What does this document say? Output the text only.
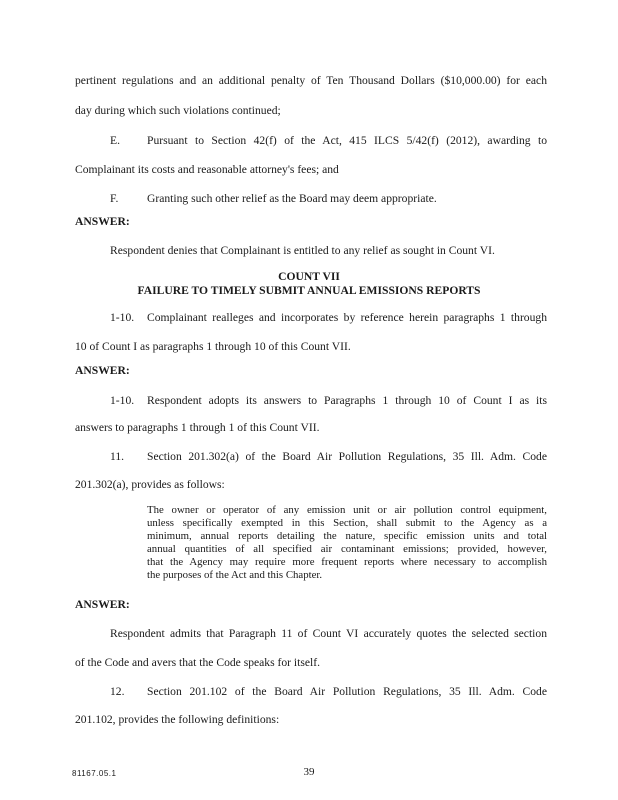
pertinent regulations and an additional penalty of Ten Thousand Dollars ($10,000.00) for each
day during which such violations continued;
E. Pursuant to Section 42(f) of the Act, 415 ILCS 5/42(f) (2012), awarding to
Complainant its costs and reasonable attorney's fees; and
F. Granting such other relief as the Board may deem appropriate.
ANSWER:
Respondent denies that Complainant is entitled to any relief as sought in Count VI.
COUNT VII
FAILURE TO TIMELY SUBMIT ANNUAL EMISSIONS REPORTS
1-10. Complainant realleges and incorporates by reference herein paragraphs 1 through
10 of Count I as paragraphs 1 through 10 of this Count VII.
ANSWER:
1-10. Respondent adopts its answers to Paragraphs 1 through 10 of Count I as its
answers to paragraphs 1 through 1 of this Count VII.
11. Section 201.302(a) of the Board Air Pollution Regulations, 35 Ill. Adm. Code
201.302(a), provides as follows:
The owner or operator of any emission unit or air pollution control equipment,
unless specifically exempted in this Section, shall submit to the Agency as a
minimum, annual reports detailing the nature, specific emission units and total
annual quantities of all specified air contaminant emissions; provided, however,
that the Agency may require more frequent reports where necessary to accomplish
the purposes of the Act and this Chapter.
ANSWER:
Respondent admits that Paragraph 11 of Count VI accurately quotes the selected section
of the Code and avers that the Code speaks for itself.
12. Section 201.102 of the Board Air Pollution Regulations, 35 Ill. Adm. Code
201.102, provides the following definitions:
81167.05.1	39
